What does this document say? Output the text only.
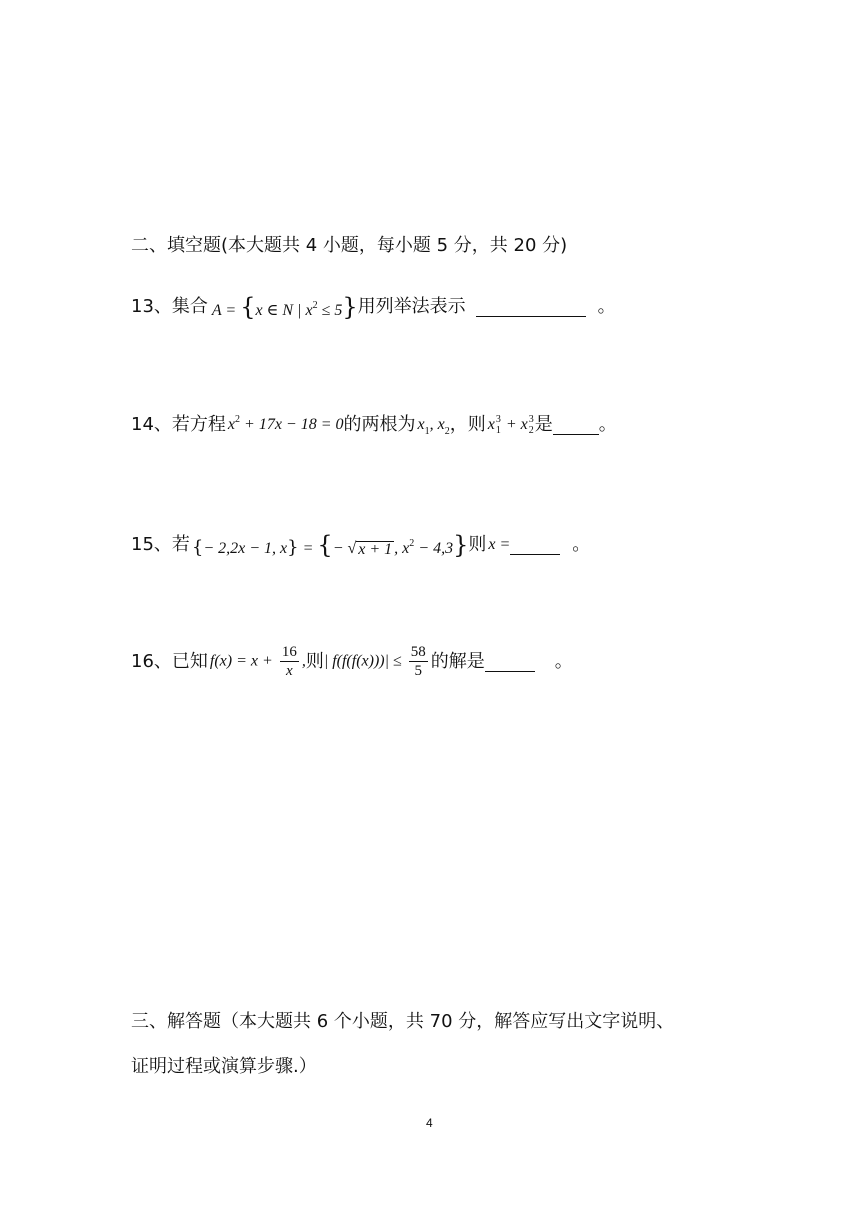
二、填空题(本大题共 4 小题，每小题 5 分，共 20 分)
13、 集合 A = {x ∈ N | $x^2 \le 5$} 用列举法表示	。
14、 若方程 $x^2 + 17x - 18 = 0$ 的两根为 $x_1$, $x_2$ ，则 x 3
1 + x 3
2 是	。
15、 若 {− 2,2x − 1, x} = {− √ x + 1 , $x^2 - 4,3$} 则 x =	。
16、 已知 $f(x) = x + \frac{16}{x}$ , 则 | $f(f(f(x)))| \le \frac{58}{5}$ 的解是	。
三、解答题（本大题共 6 个小题，共 70 分，解答应写出文字说明、
证明过程或演算步骤.）
4
